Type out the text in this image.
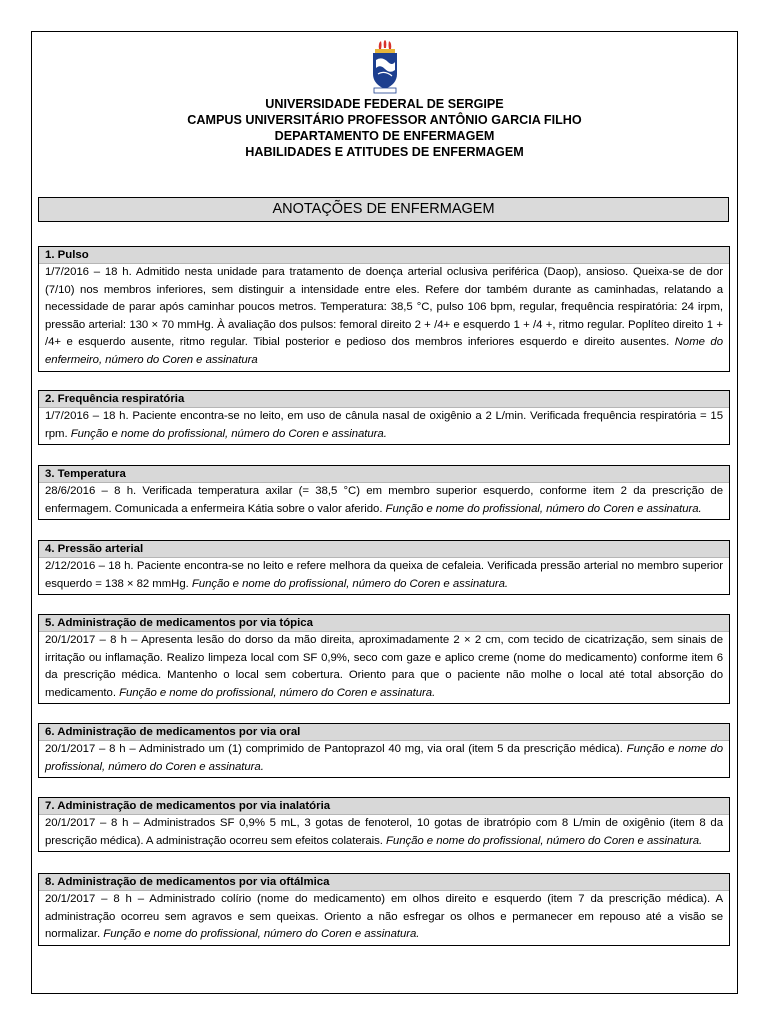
UNIVERSIDADE FEDERAL DE SERGIPE
CAMPUS UNIVERSITÁRIO PROFESSOR ANTÔNIO GARCIA FILHO
DEPARTAMENTO DE ENFERMAGEM
HABILIDADES E ATITUDES DE ENFERMAGEM
ANOTAÇÕES DE ENFERMAGEM
1. Pulso
1/7/2016 – 18 h. Admitido nesta unidade para tratamento de doença arterial oclusiva periférica (Daop), ansioso. Queixa-se de dor (7/10) nos membros inferiores, sem distinguir a intensidade entre eles. Refere dor também durante as caminhadas, relatando a necessidade de parar após caminhar poucos metros. Temperatura: 38,5 °C, pulso 106 bpm, regular, frequência respiratória: 24 irpm, pressão arterial: 130 × 70 mmHg. À avaliação dos pulsos: femoral direito 2 + /4+ e esquerdo 1 + /4 +, ritmo regular. Poplíteo direito 1 + /4+ e esquerdo ausente, ritmo regular. Tibial posterior e pedioso dos membros inferiores esquerdo e direito ausentes. Nome do enfermeiro, número do Coren e assinatura
2. Frequência respiratória
1/7/2016 – 18 h. Paciente encontra-se no leito, em uso de cânula nasal de oxigênio a 2 L/min. Verificada frequência respiratória = 15 rpm. Função e nome do profissional, número do Coren e assinatura.
3. Temperatura
28/6/2016 – 8 h. Verificada temperatura axilar (= 38,5 °C) em membro superior esquerdo, conforme item 2 da prescrição de enfermagem. Comunicada a enfermeira Kátia sobre o valor aferido. Função e nome do profissional, número do Coren e assinatura.
4. Pressão arterial
2/12/2016 – 18 h. Paciente encontra-se no leito e refere melhora da queixa de cefaleia. Verificada pressão arterial no membro superior esquerdo = 138 × 82 mmHg. Função e nome do profissional, número do Coren e assinatura.
5. Administração de medicamentos por via tópica
20/1/2017 – 8 h – Apresenta lesão do dorso da mão direita, aproximadamente 2 × 2 cm, com tecido de cicatrização, sem sinais de irritação ou inflamação. Realizo limpeza local com SF 0,9%, seco com gaze e aplico creme (nome do medicamento) conforme item 6 da prescrição médica. Mantenho o local sem cobertura. Oriento para que o paciente não molhe o local até total absorção do medicamento. Função e nome do profissional, número do Coren e assinatura.
6. Administração de medicamentos por via oral
20/1/2017 – 8 h – Administrado um (1) comprimido de Pantoprazol 40 mg, via oral (item 5 da prescrição médica). Função e nome do profissional, número do Coren e assinatura.
7. Administração de medicamentos por via inalatória
20/1/2017 – 8 h – Administrados SF 0,9% 5 mL, 3 gotas de fenoterol, 10 gotas de ibratrópio com 8 L/min de oxigênio (item 8 da prescrição médica). A administração ocorreu sem efeitos colaterais. Função e nome do profissional, número do Coren e assinatura.
8. Administração de medicamentos por via oftálmica
20/1/2017 – 8 h – Administrado colírio (nome do medicamento) em olhos direito e esquerdo (item 7 da prescrição médica). A administração ocorreu sem agravos e sem queixas. Oriento a não esfregar os olhos e permanecer em repouso até a visão se normalizar. Função e nome do profissional, número do Coren e assinatura.
